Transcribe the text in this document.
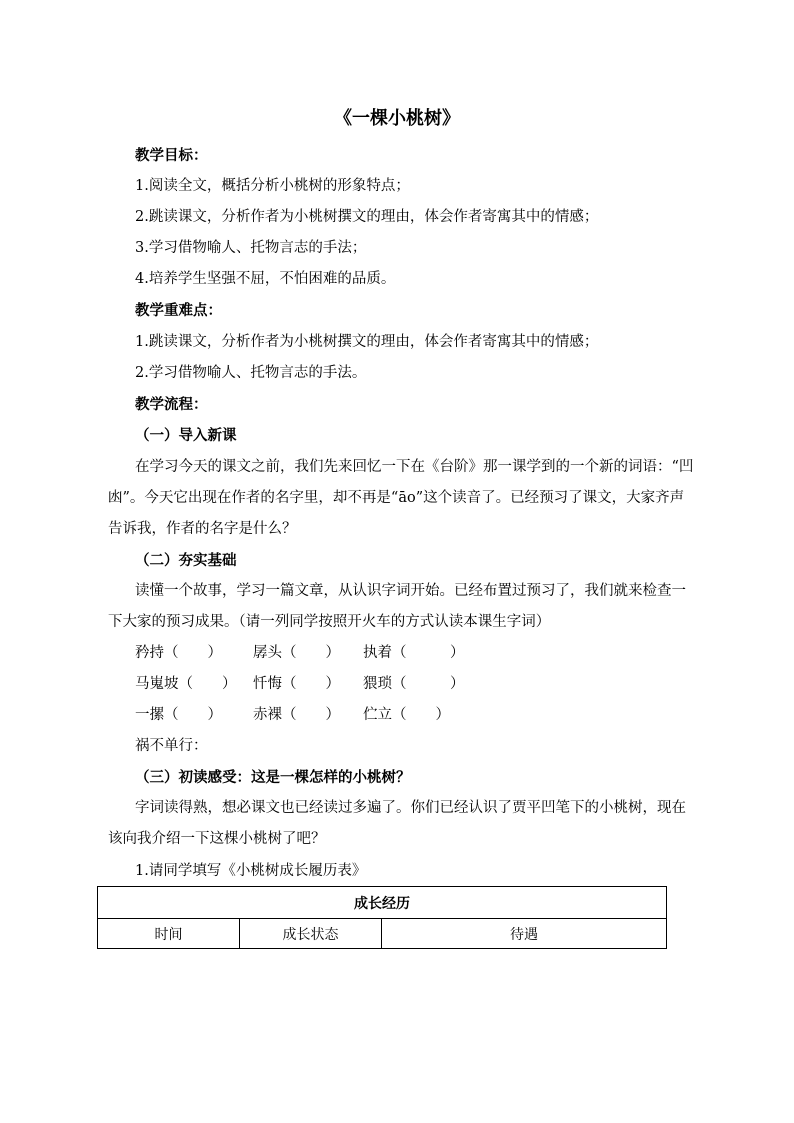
《一棵小桃树》
教学目标：
1.阅读全文，概括分析小桃树的形象特点；
2.跳读课文，分析作者为小桃树撰文的理由，体会作者寄寓其中的情感；
3.学习借物喻人、托物言志的手法；
4.培养学生坚强不屈，不怕困难的品质。
教学重难点：
1.跳读课文，分析作者为小桃树撰文的理由，体会作者寄寓其中的情感；
2.学习借物喻人、托物言志的手法。
教学流程：
（一）导入新课
在学习今天的课文之前，我们先来回忆一下在《台阶》那一课学到的一个新的词语：“凹凼”。今天它出现在作者的名字里，却不再是“āo”这个读音了。已经预习了课文，大家齐声告诉我，作者的名字是什么？
（二）夯实基础
读懂一个故事，学习一篇文章，从认识字词开始。已经布置过预习了，我们就来检查一下大家的预习成果。（请一列同学按照开火车的方式认读本课生字词）
矜持（　　） 孱头（　　） 执着（　　　）
马嵬坡（　　） 忏悔（　　） 猥琐（　　　）
一摞（　　） 赤裸（　　） 伫立（　　）
祸不单行：
（三）初读感受：这是一棵怎样的小桃树？
字词读得熟，想必课文也已经读过多遍了。你们已经认识了贾平凹笔下的小桃树，现在该向我介绍一下这棵小桃树了吧？
1.请同学填写《小桃树成长履历表》
成长经历
时间	成长状态	待遇
